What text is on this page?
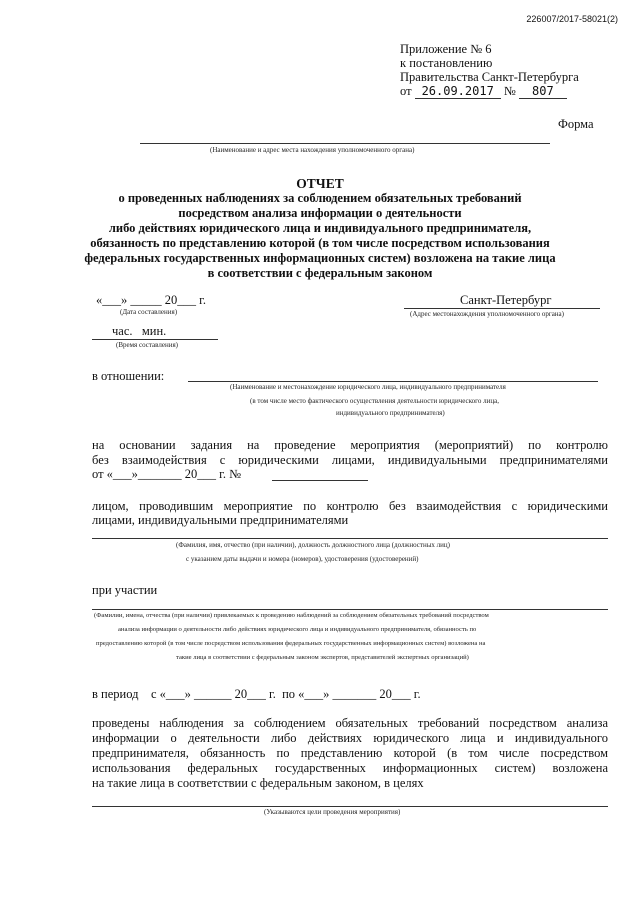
226007/2017-58021(2)
Приложение № 6
к постановлению
Правительства Санкт-Петербурга
от 26.09.2017 № 807
Форма
(Наименование и адрес места нахождения уполномоченного органа)
ОТЧЕТ
о проведенных наблюдениях за соблюдением обязательных требований
посредством анализа информации о деятельности
либо действиях юридического лица и индивидуального предпринимателя,
обязанность по представлению которой (в том числе посредством использования
федеральных государственных информационных систем) возложена на такие лица
в соответствии с федеральным законом
«___» _____ 20___ г.
(Дата составления)
Санкт-Петербург
(Адрес местонахождения уполномоченного органа)
час.   мин.
(Время составления)
в отношении:
(Наименование и местонахождение юридического лица, индивидуального предпринимателя
(в том числе место фактического осуществления деятельности юридического лица,
индивидуального предпринимателя)
на основании задания на проведение мероприятия (мероприятий) по контролю
без взаимодействия с юридическими лицами, индивидуальными предпринимателями
от «___»_______ 20___ г. №
лицом, проводившим мероприятие по контролю без взаимодействия с юридическими
лицами, индивидуальными предпринимателями
(Фамилия, имя, отчество (при наличии), должность должностного лица (должностных лиц)
с указанием даты выдачи и номера (номеров), удостоверения (удостоверений)
при участии
(Фамилии, имена, отчества (при наличии) привлекаемых к проведению наблюдений за соблюдением обязательных требований посредством
анализа информации о деятельности либо действиях юридического лица и индивидуального предпринимателя, обязанность по
предоставлению которой (в том числе посредством использования федеральных государственных информационных систем) возложена на
такие лица в соответствии с федеральным законом экспертов, представителей экспертных организаций)
в период    с «___» ______ 20___ г.  по «___» _______ 20___ г.
проведены наблюдения за соблюдением обязательных требований посредством анализа
информации о деятельности либо действиях юридического лица и индивидуального
предпринимателя, обязанность по представлению которой (в том числе посредством
использования федеральных государственных информационных систем) возложена
на такие лица в соответствии с федеральным законом, в целях
(Указываются цели проведения мероприятия)
